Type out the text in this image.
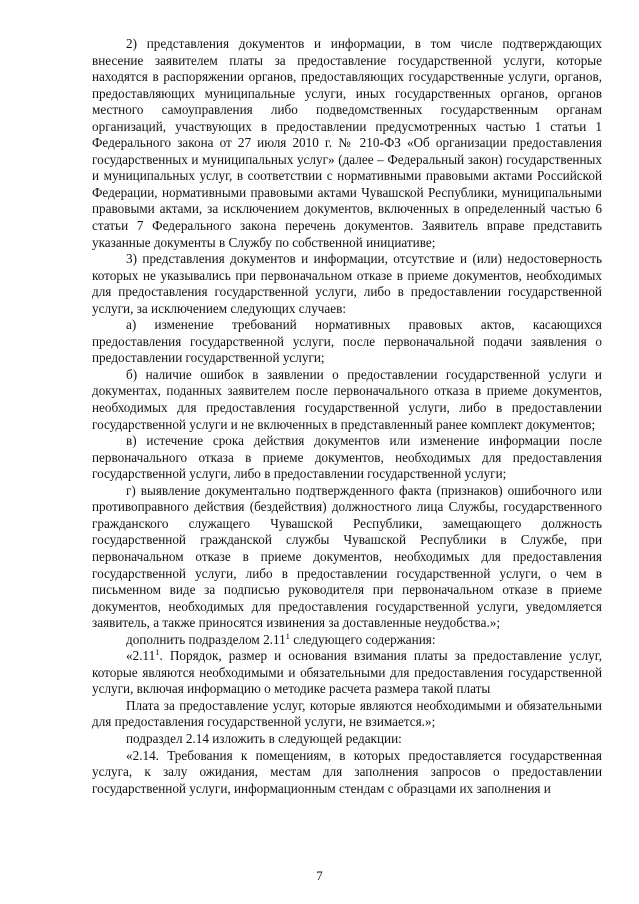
2) представления документов и информации, в том числе подтверждающих внесение заявителем платы за предоставление государственной услуги, которые находятся в распоряжении органов, предоставляющих государственные услуги, органов, предоставляющих муниципальные услуги, иных государственных органов, органов местного самоуправления либо подведомственных государственным органам организаций, участвующих в предоставлении предусмотренных частью 1 статьи 1 Федерального закона от 27 июля 2010 г. № 210-ФЗ «Об организации предоставления государственных и муниципальных услуг» (далее – Федеральный закон) государственных и муниципальных услуг, в соответствии с нормативными правовыми актами Российской Федерации, нормативными правовыми актами Чувашской Республики, муниципальными правовыми актами, за исключением документов, включенных в определенный частью 6 статьи 7 Федерального закона перечень документов. Заявитель вправе представить указанные документы в Службу по собственной инициативе;

3) представления документов и информации, отсутствие и (или) недостоверность которых не указывались при первоначальном отказе в приеме документов, необходимых для предоставления государственной услуги, либо в предоставлении государственной услуги, за исключением следующих случаев:

а) изменение требований нормативных правовых актов, касающихся предоставления государственной услуги, после первоначальной подачи заявления о предоставлении государственной услуги;

б) наличие ошибок в заявлении о предоставлении государственной услуги и документах, поданных заявителем после первоначального отказа в приеме документов, необходимых для предоставления государственной услуги, либо в предоставлении государственной услуги и не включенных в представленный ранее комплект документов;

в) истечение срока действия документов или изменение информации после первоначального отказа в приеме документов, необходимых для предоставления государственной услуги, либо в предоставлении государственной услуги;

г) выявление документально подтвержденного факта (признаков) ошибочного или противоправного действия (бездействия) должностного лица Службы, государственного гражданского служащего Чувашской Республики, замещающего должность государственной гражданской службы Чувашской Республики в Службе, при первоначальном отказе в приеме документов, необходимых для предоставления государственной услуги, либо в предоставлении государственной услуги, о чем в письменном виде за подписью руководителя при первоначальном отказе в приеме документов, необходимых для предоставления государственной услуги, уведомляется заявитель, а также приносятся извинения за доставленные неудобства.»;

дополнить подразделом 2.11$^1$ следующего содержания:

«2.11$^1$. Порядок, размер и основания взимания платы за предоставление услуг, которые являются необходимыми и обязательными для предоставления государственной услуги, включая информацию о методике расчета размера такой платы

Плата за предоставление услуг, которые являются необходимыми и обязательными для предоставления государственной услуги, не взимается.»;

подраздел 2.14 изложить в следующей редакции:

«2.14. Требования к помещениям, в которых предоставляется государственная услуга, к залу ожидания, местам для заполнения запросов о предоставлении государственной услуги, информационным стендам с образцами их заполнения и

7
